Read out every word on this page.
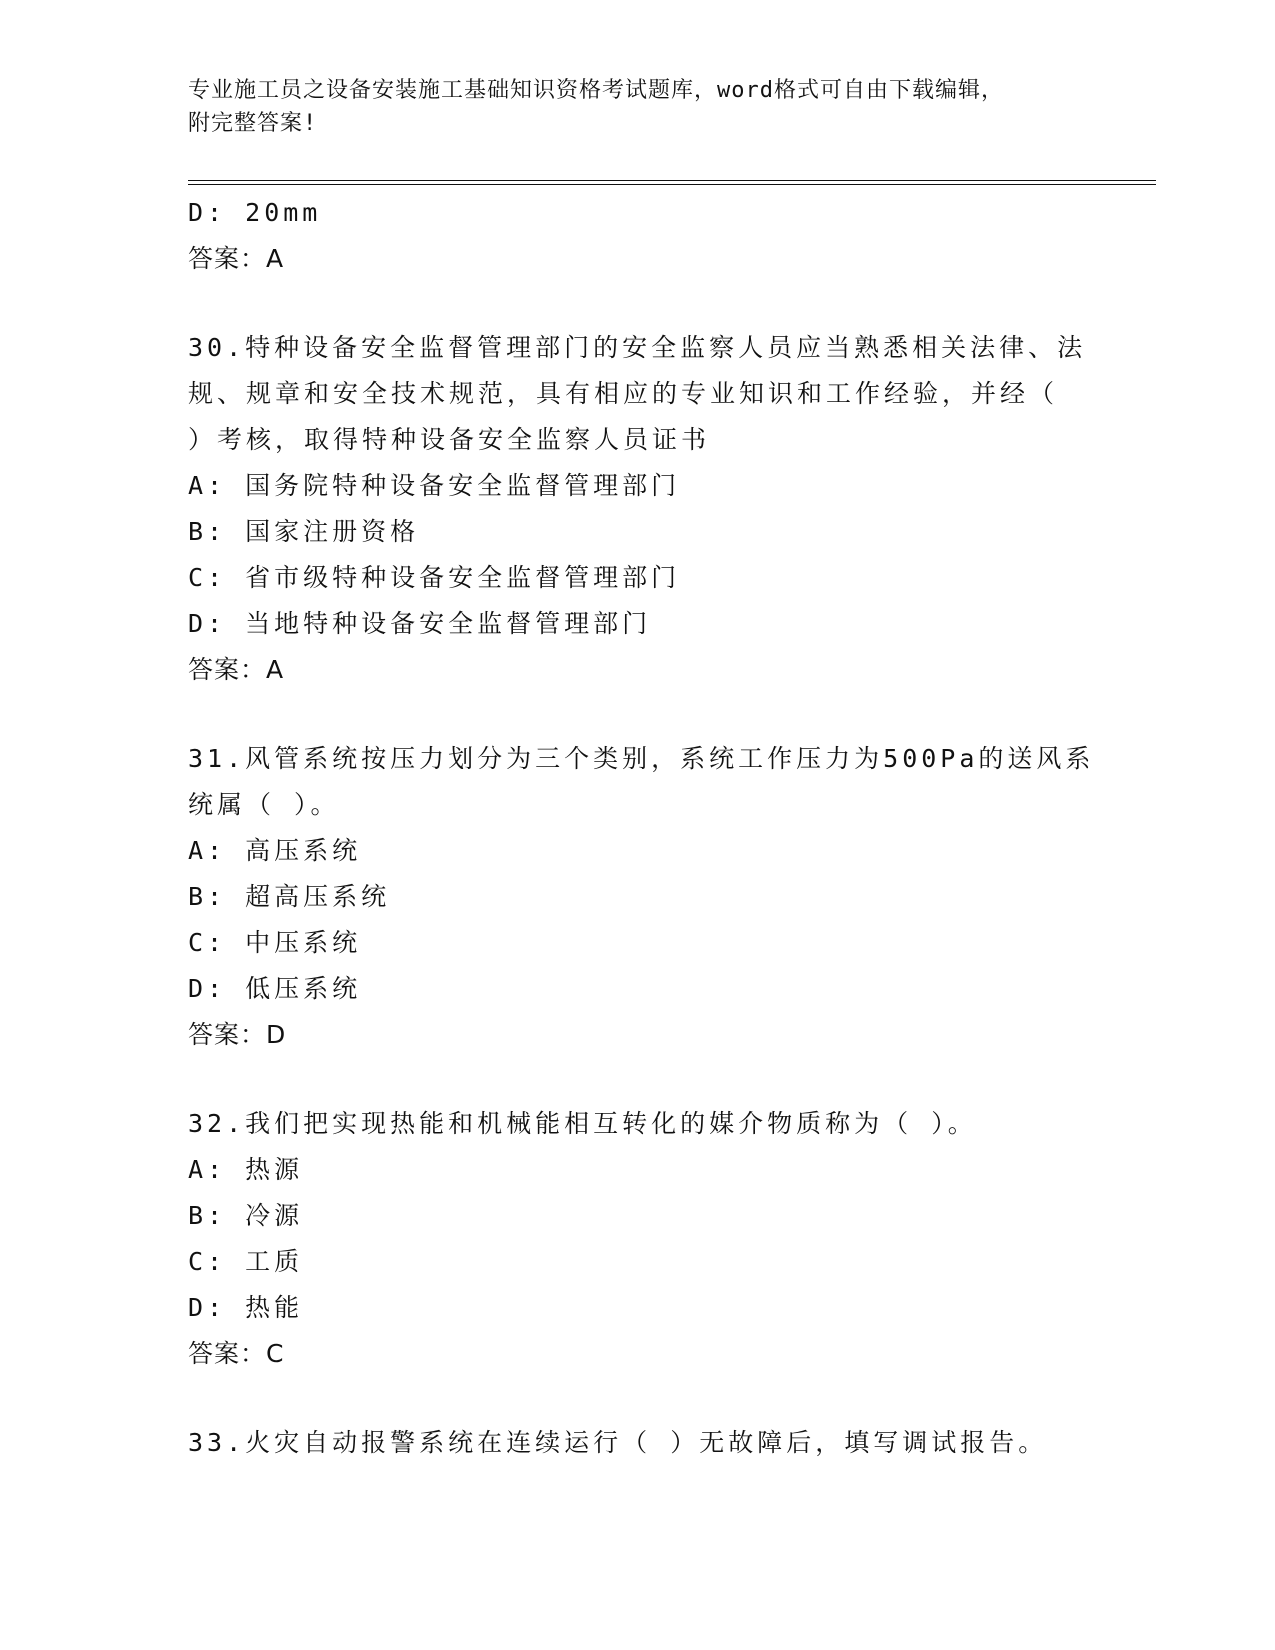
专业施工员之设备安装施工基础知识资格考试题库，word格式可自由下载编辑，
附完整答案!
D: 20mm
答案：A
30.特种设备安全监督管理部门的安全监察人员应当熟悉相关法律、法
规、规章和安全技术规范，具有相应的专业知识和工作经验，并经（
）考核，取得特种设备安全监察人员证书
A: 国务院特种设备安全监督管理部门
B: 国家注册资格
C: 省市级特种设备安全监督管理部门
D: 当地特种设备安全监督管理部门
答案：A
31.风管系统按压力划分为三个类别，系统工作压力为500Pa的送风系
统属（ ）。
A: 高压系统
B: 超高压系统
C: 中压系统
D: 低压系统
答案：D
32.我们把实现热能和机械能相互转化的媒介物质称为（ ）。
A: 热源
B: 冷源
C: 工质
D: 热能
答案：C
33.火灾自动报警系统在连续运行（ ）无故障后，填写调试报告。
